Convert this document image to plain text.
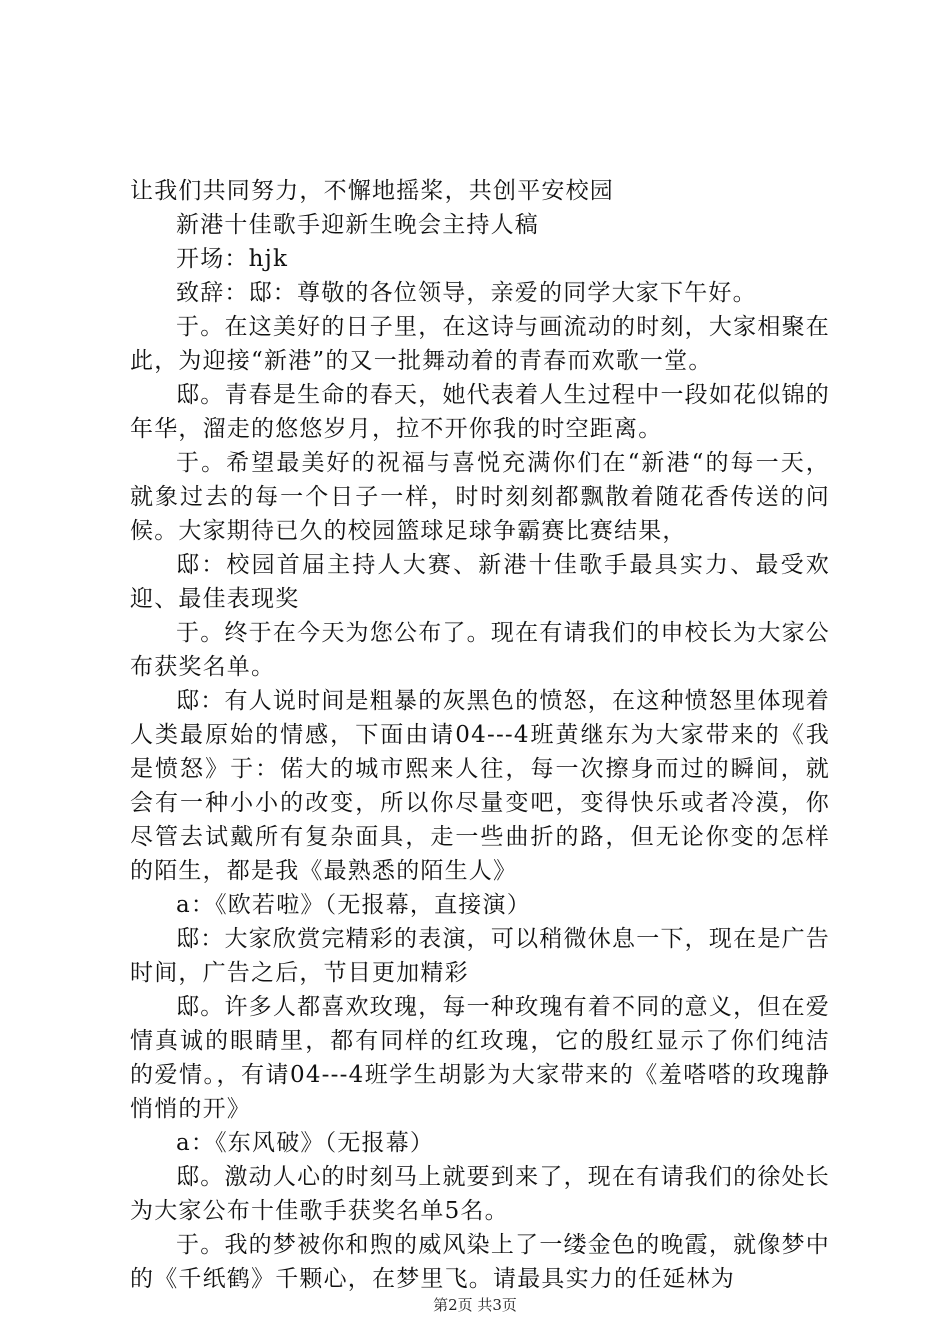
让我们共同努力，不懈地摇桨，共创平安校园

新港十佳歌手迎新生晚会主持人稿

开场：hjk

致辞：邸：尊敬的各位领导，亲爱的同学大家下午好。

于。在这美好的日子里，在这诗与画流动的时刻，大家相聚在此，为迎接“新港”的又一批舞动着的青春而欢歌一堂。

邸。青春是生命的春天，她代表着人生过程中一段如花似锦的年华，溜走的悠悠岁月，拉不开你我的时空距离。

于。希望最美好的祝福与喜悦充满你们在“新港“的每一天，就象过去的每一个日子一样，时时刻刻都飘散着随花香传送的问候。大家期待已久的校园篮球足球争霸赛比赛结果，

邸：校园首届主持人大赛、新港十佳歌手最具实力、最受欢迎、最佳表现奖

于。终于在今天为您公布了。现在有请我们的申校长为大家公布获奖名单。

邸：有人说时间是粗暴的灰黑色的愤怒，在这种愤怒里体现着人类最原始的情感，下面由请04---4班黄继东为大家带来的《我是愤怒》于：偌大的城市熙来人往，每一次擦身而过的瞬间，就会有一种小小的改变，所以你尽量变吧，变得快乐或者冷漠，你尽管去试戴所有复杂面具，走一些曲折的路，但无论你变的怎样的陌生，都是我《最熟悉的陌生人》

a：《欧若啦》（无报幕，直接演）

邸：大家欣赏完精彩的表演，可以稍微休息一下，现在是广告时间，广告之后，节目更加精彩

邸。许多人都喜欢玫瑰，每一种玫瑰有着不同的意义，但在爱情真诚的眼睛里，都有同样的红玫瑰，它的殷红显示了你们纯洁的爱情。，有请04---4班学生胡影为大家带来的《羞嗒嗒的玫瑰静悄悄的开》

a：《东风破》（无报幕）

邸。激动人心的时刻马上就要到来了，现在有请我们的徐处长为大家公布十佳歌手获奖名单5名。

于。我的梦被你和煦的威风染上了一缕金色的晚霞，就像梦中的《千纸鹤》千颗心，在梦里飞。请最具实力的任延林为

第2页 共3页
